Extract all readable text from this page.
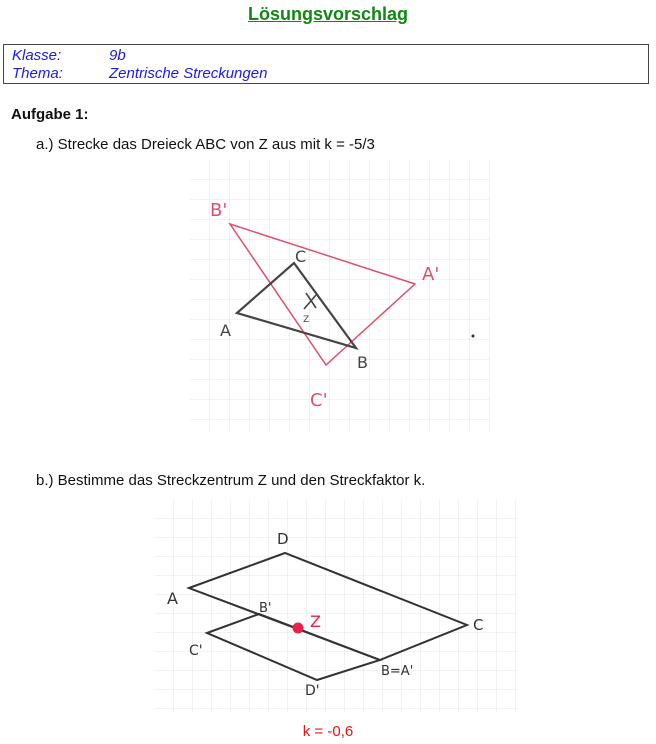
Lösungsvorschlag
Klasse:	9b
Thema:	Zentrische Streckungen
Aufgabe 1:
a.) Strecke das Dreieck ABC von Z aus mit k = -5/3
Z
A
B
C
B'
A'
C'
b.) Bestimme das Streckzentrum Z und den Streckfaktor k.
Z
A
D
C
B'
C'
D'
B=A'
k = -0,6
